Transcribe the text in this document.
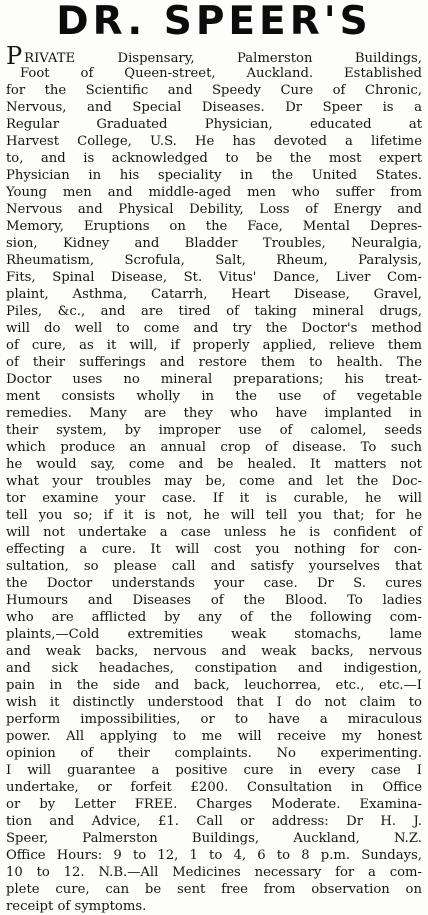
DR. SPEER'S
PRIVATE Dispensary, Palmerston Buildings,
Foot of Queen-street, Auckland. Established
for the Scientific and Speedy Cure of Chronic,
Nervous, and Special Diseases. Dr Speer is a
Regular Graduated Physician, educated at
Harvest College, U.S. He has devoted a lifetime
to, and is acknowledged to be the most expert
Physician in his speciality in the United States.
Young men and middle-aged men who suffer from
Nervous and Physical Debility, Loss of Energy and
Memory, Eruptions on the Face, Mental Depres-
sion, Kidney and Bladder Troubles, Neuralgia,
Rheumatism, Scrofula, Salt, Rheum, Paralysis,
Fits, Spinal Disease, St. Vitus' Dance, Liver Com-
plaint, Asthma, Catarrh, Heart Disease, Gravel,
Piles, &c., and are tired of taking mineral drugs,
will do well to come and try the Doctor's method
of cure, as it will, if properly applied, relieve them
of their sufferings and restore them to health. The
Doctor uses no mineral preparations; his treat-
ment consists wholly in the use of vegetable
remedies. Many are they who have implanted in
their system, by improper use of calomel, seeds
which produce an annual crop of disease. To such
he would say, come and be healed. It matters not
what your troubles may be, come and let the Doc-
tor examine your case. If it is curable, he will
tell you so; if it is not, he will tell you that; for he
will not undertake a case unless he is confident of
effecting a cure. It will cost you nothing for con-
sultation, so please call and satisfy yourselves that
the Doctor understands your case. Dr S. cures
Humours and Diseases of the Blood. To ladies
who are afflicted by any of the following com-
plaints,—Cold extremities weak stomachs, lame
and weak backs, nervous and weak backs, nervous
and sick headaches, constipation and indigestion,
pain in the side and back, leuchorrea, etc., etc.—I
wish it distinctly understood that I do not claim to
perform impossibilities, or to have a miraculous
power. All applying to me will receive my honest
opinion of their complaints. No experimenting.
I will guarantee a positive cure in every case I
undertake, or forfeit £200. Consultation in Office
or by Letter FREE. Charges Moderate. Examina-
tion and Advice, £1. Call or address: Dr H. J.
Speer, Palmerston Buildings, Auckland, N.Z.
Office Hours: 9 to 12, 1 to 4, 6 to 8 p.m. Sundays,
10 to 12. N.B.—All Medicines necessary for a com-
plete cure, can be sent free from observation on
receipt of symptoms.
